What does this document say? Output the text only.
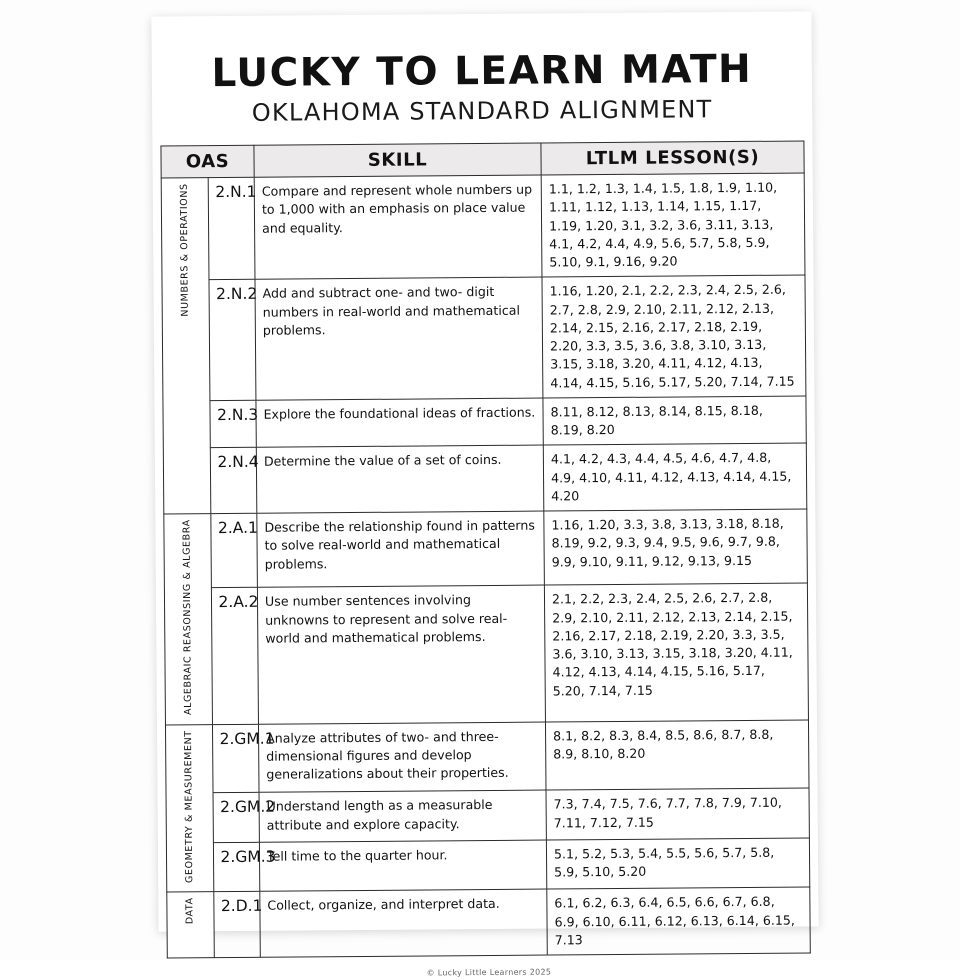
LUCKY TO LEARN MATH
OKLAHOMA STANDARD ALIGNMENT
OAS		SKILL	LTLM LESSON(S)
NUMBERS & OPERATIONS	2.N.1	Compare and represent whole numbers up to 1,000 with an emphasis on place value and equality.	1.1, 1.2, 1.3, 1.4, 1.5, 1.8, 1.9, 1.10, 1.11, 1.12, 1.13, 1.14, 1.15, 1.17, 1.19, 1.20, 3.1, 3.2, 3.6, 3.11, 3.13, 4.1, 4.2, 4.4, 4.9, 5.6, 5.7, 5.8, 5.9, 5.10, 9.1, 9.16, 9.20
	2.N.2	Add and subtract one- and two- digit numbers in real-world and mathematical problems.	1.16, 1.20, 2.1, 2.2, 2.3, 2.4, 2.5, 2.6, 2.7, 2.8, 2.9, 2.10, 2.11, 2.12, 2.13, 2.14, 2.15, 2.16, 2.17, 2.18, 2.19, 2.20, 3.3, 3.5, 3.6, 3.8, 3.10, 3.13, 3.15, 3.18, 3.20, 4.11, 4.12, 4.13, 4.14, 4.15, 5.16, 5.17, 5.20, 7.14, 7.15
	2.N.3	Explore the foundational ideas of fractions.	8.11, 8.12, 8.13, 8.14, 8.15, 8.18, 8.19, 8.20
	2.N.4	Determine the value of a set of coins.	4.1, 4.2, 4.3, 4.4, 4.5, 4.6, 4.7, 4.8, 4.9, 4.10, 4.11, 4.12, 4.13, 4.14, 4.15, 4.20
ALGEBRAIC REASONSING & ALGEBRA	2.A.1	Describe the relationship found in patterns to solve real-world and mathematical problems.	1.16, 1.20, 3.3, 3.8, 3.13, 3.18, 8.18, 8.19, 9.2, 9.3, 9.4, 9.5, 9.6, 9.7, 9.8, 9.9, 9.10, 9.11, 9.12, 9.13, 9.15
	2.A.2	Use number sentences involving unknowns to represent and solve real-world and mathematical problems.	2.1, 2.2, 2.3, 2.4, 2.5, 2.6, 2.7, 2.8, 2.9, 2.10, 2.11, 2.12, 2.13, 2.14, 2.15, 2.16, 2.17, 2.18, 2.19, 2.20, 3.3, 3.5, 3.6, 3.10, 3.13, 3.15, 3.18, 3.20, 4.11, 4.12, 4.13, 4.14, 4.15, 5.16, 5.17, 5.20, 7.14, 7.15
GEOMETRY & MEASUREMENT	2.GM.1	Analyze attributes of two- and three-dimensional figures and develop generalizations about their properties.	8.1, 8.2, 8.3, 8.4, 8.5, 8.6, 8.7, 8.8, 8.9, 8.10, 8.20
	2.GM.2	Understand length as a measurable attribute and explore capacity.	7.3, 7.4, 7.5, 7.6, 7.7, 7.8, 7.9, 7.10, 7.11, 7.12, 7.15
	2.GM.3	Tell time to the quarter hour.	5.1, 5.2, 5.3, 5.4, 5.5, 5.6, 5.7, 5.8, 5.9, 5.10, 5.20
DATA	2.D.1	Collect, organize, and interpret data.	6.1, 6.2, 6.3, 6.4, 6.5, 6.6, 6.7, 6.8, 6.9, 6.10, 6.11, 6.12, 6.13, 6.14, 6.15, 7.13
© Lucky Little Learners 2025
